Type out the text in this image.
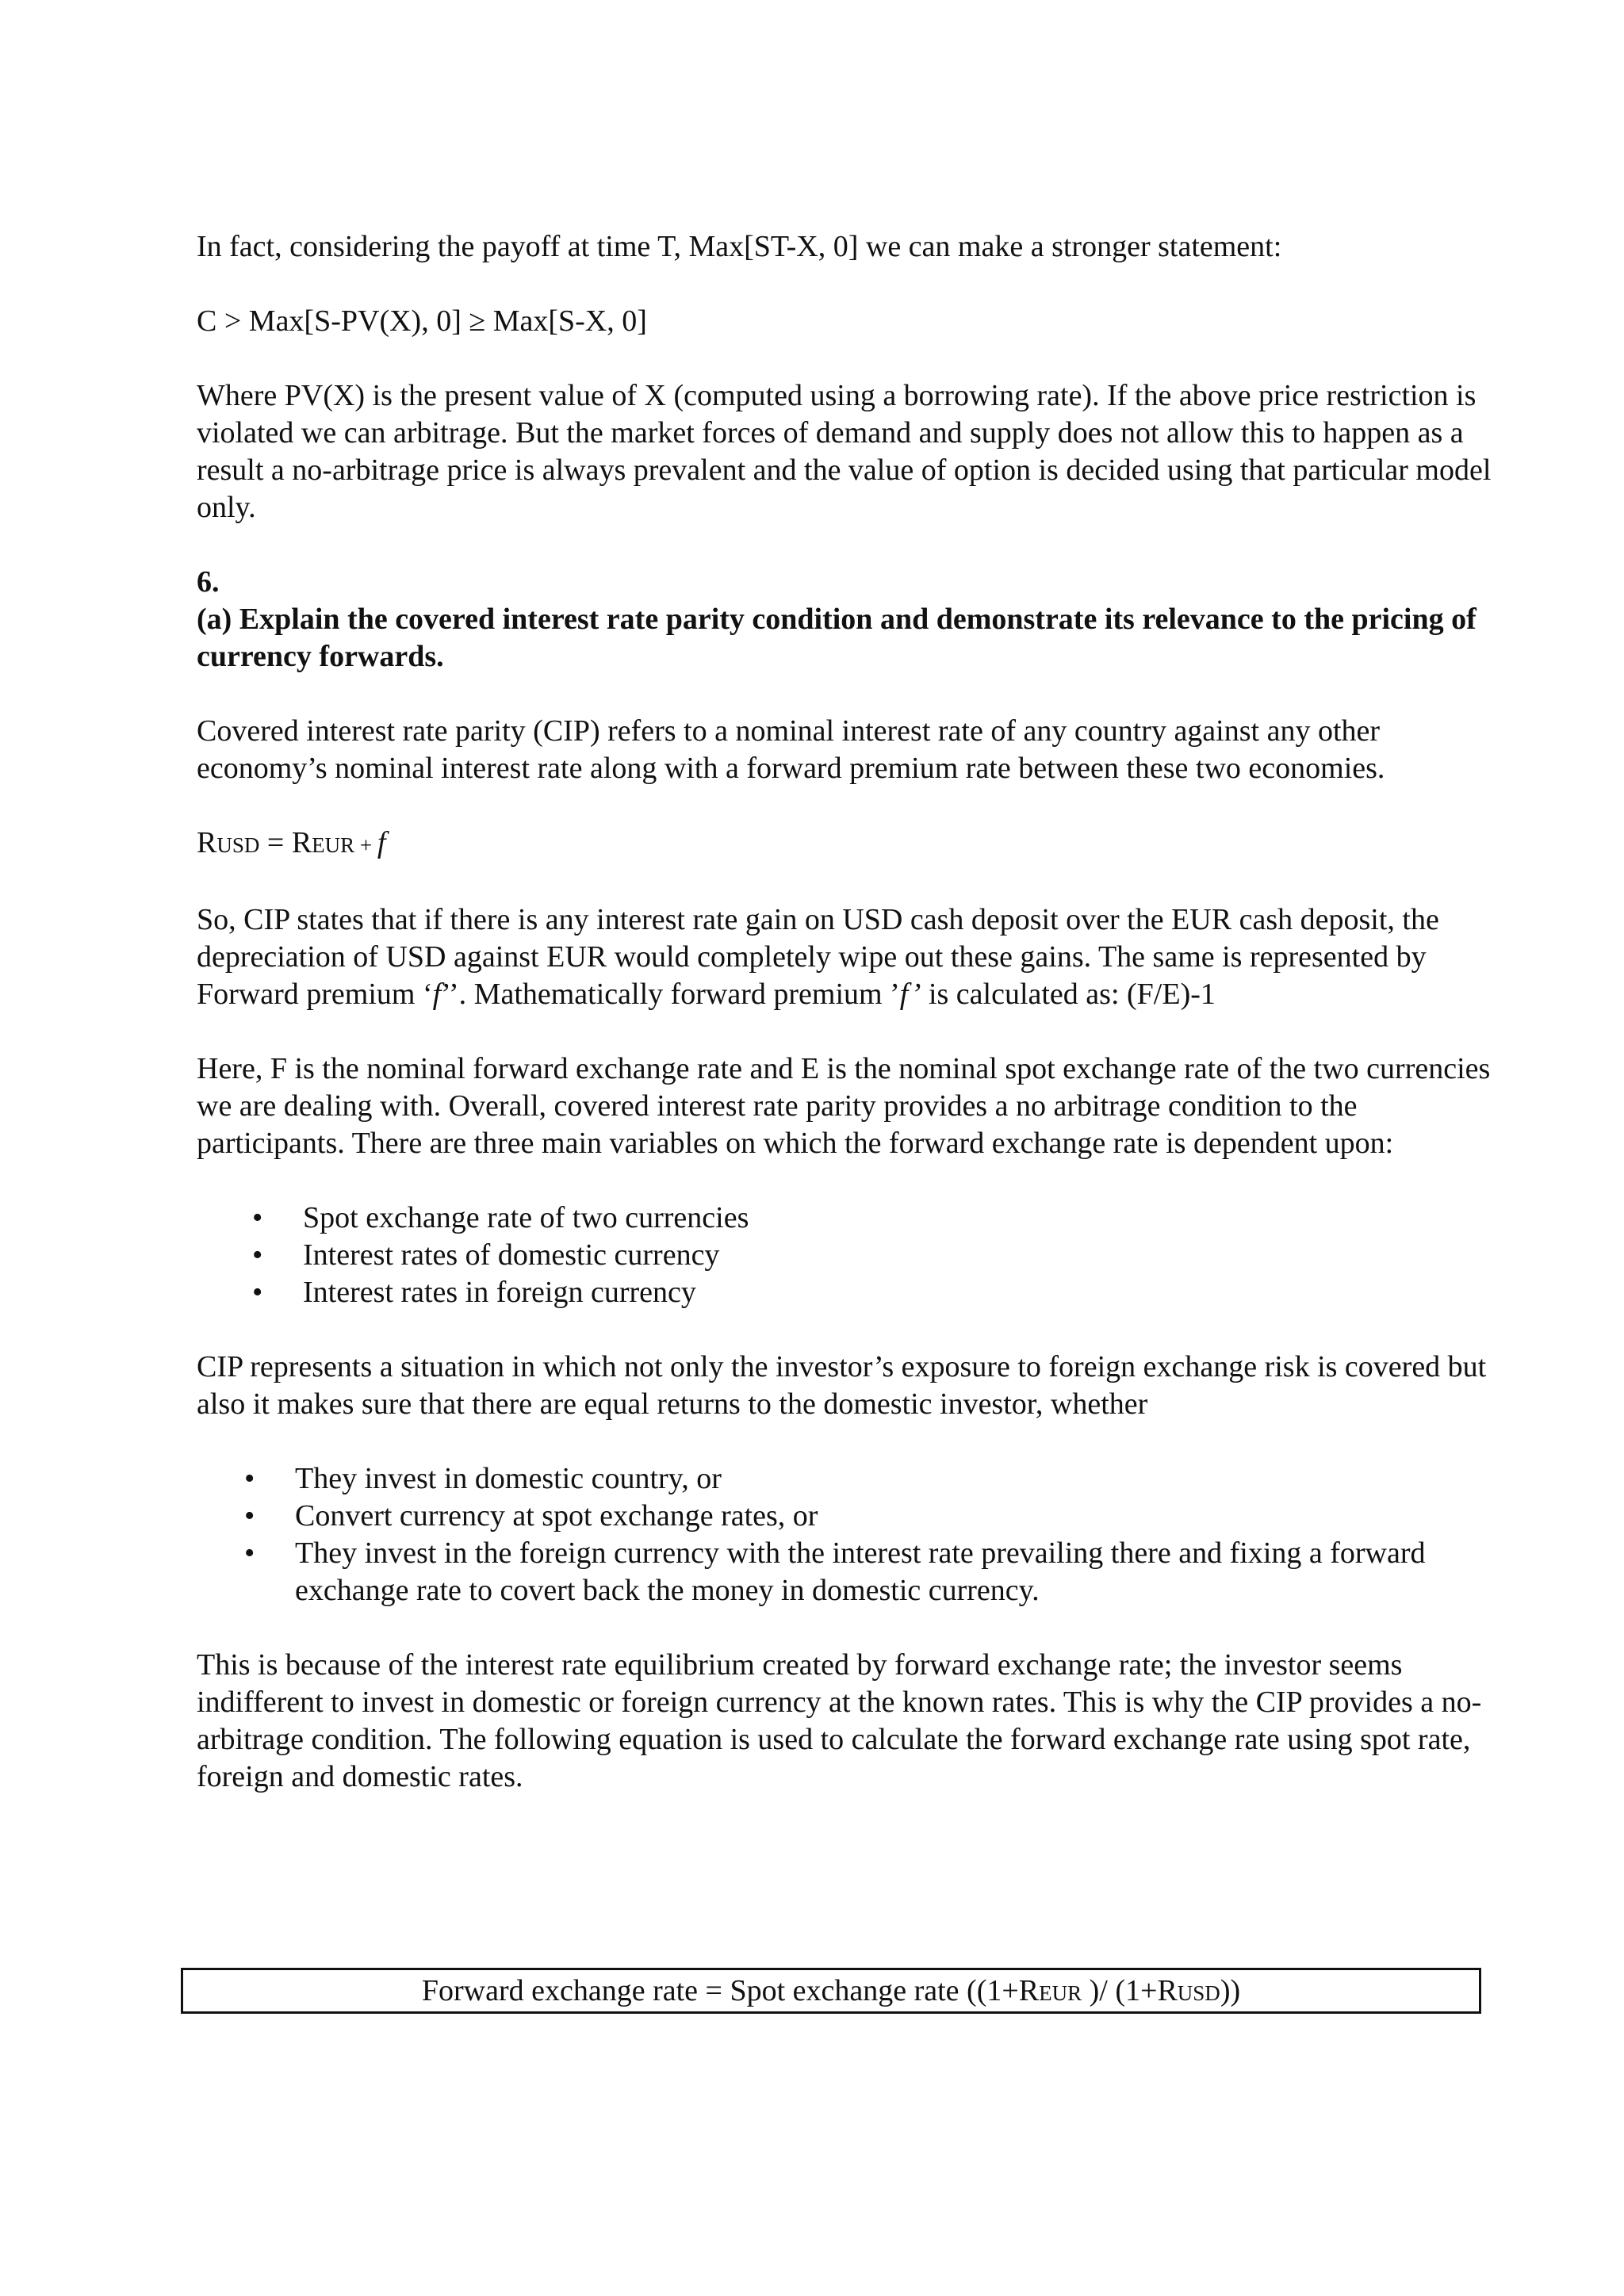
In fact, considering the payoff at time T, Max[ST-X, 0] we can make a stronger statement:

C > Max[S-PV(X), 0] ≥ Max[S-X, 0]

Where PV(X) is the present value of X (computed using a borrowing rate). If the above price restriction is violated we can arbitrage. But the market forces of demand and supply does not allow this to happen as a result a no-arbitrage price is always prevalent and the value of option is decided using that particular model only.

6.

(a) Explain the covered interest rate parity condition and demonstrate its relevance to the pricing of currency forwards.

Covered interest rate parity (CIP) refers to a nominal interest rate of any country against any other economy’s nominal interest rate along with a forward premium rate between these two economies.

RUSD = REUR + f

So, CIP states that if there is any interest rate gain on USD cash deposit over the EUR cash deposit, the depreciation of USD against EUR would completely wipe out these gains. The same is represented by Forward premium ‘f’’. Mathematically forward premium ’f’ is calculated as: (F/E)-1

Here, F is the nominal forward exchange rate and E is the nominal spot exchange rate of the two currencies we are dealing with. Overall, covered interest rate parity provides a no arbitrage condition to the participants. There are three main variables on which the forward exchange rate is dependent upon:

• Spot exchange rate of two currencies
• Interest rates of domestic currency
• Interest rates in foreign currency

CIP represents a situation in which not only the investor’s exposure to foreign exchange risk is covered but also it makes sure that there are equal returns to the domestic investor, whether

• They invest in domestic country, or
• Convert currency at spot exchange rates, or
• They invest in the foreign currency with the interest rate prevailing there and fixing a forward exchange rate to covert back the money in domestic currency.

This is because of the interest rate equilibrium created by forward exchange rate; the investor seems indifferent to invest in domestic or foreign currency at the known rates. This is why the CIP provides a no-arbitrage condition. The following equation is used to calculate the forward exchange rate using spot rate, foreign and domestic rates.

Forward exchange rate = Spot exchange rate ((1+REUR )/ (1+RUSD))
